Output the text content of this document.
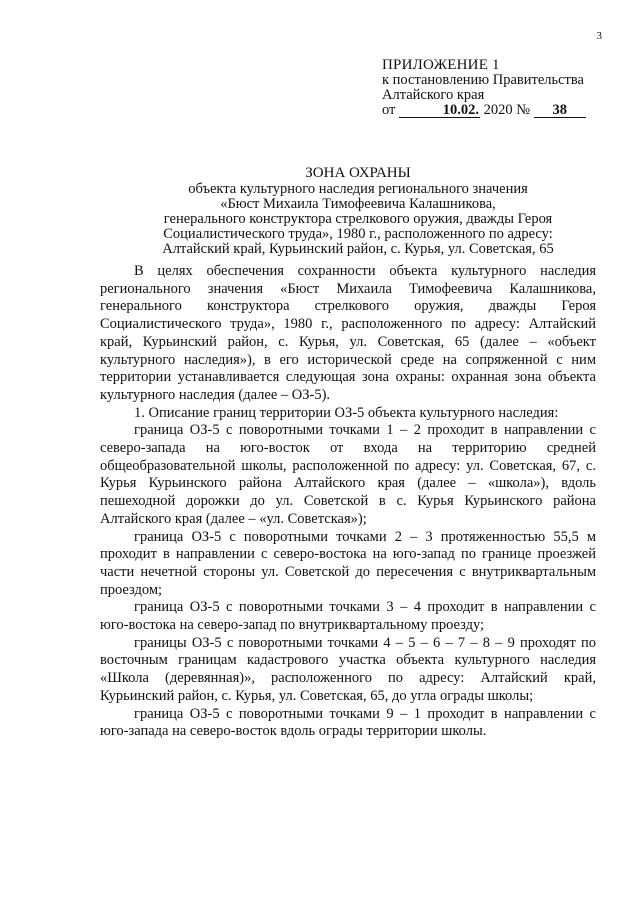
3
ПРИЛОЖЕНИЕ 1
к постановлению Правительства
Алтайского края
от	10.02. 2020 № 38
ЗОНА ОХРАНЫ
объекта культурного наследия регионального значения
«Бюст Михаила Тимофеевича Калашникова,
генерального конструктора стрелкового оружия, дважды Героя
Социалистического труда», 1980 г., расположенного по адресу:
Алтайский край, Курьинский район, с. Курья, ул. Советская, 65

В целях обеспечения сохранности объекта культурного наследия регионального значения «Бюст Михаила Тимофеевича Калашникова, генерального конструктора стрелкового оружия, дважды Героя Социалистического труда», 1980 г., расположенного по адресу: Алтайский край, Курьинский район, с. Курья, ул. Советская, 65 (далее – «объект культурного наследия»), в его исторической среде на сопряженной с ним территории устанавливается следующая зона охраны: охранная зона объекта культурного наследия (далее – ОЗ-5).

1. Описание границ территории ОЗ-5 объекта культурного наследия:

граница ОЗ-5 с поворотными точками 1 – 2 проходит в направлении с северо-запада на юго-восток от входа на территорию средней общеобразовательной школы, расположенной по адресу: ул. Советская, 67, с. Курья Курьинского района Алтайского края (далее – «школа»), вдоль пешеходной дорожки до ул. Советской в с. Курья Курьинского района Алтайского края (далее – «ул. Советская»);

граница ОЗ-5 с поворотными точками 2 – 3 протяженностью 55,5 м проходит в направлении с северо-востока на юго-запад по границе проезжей части нечетной стороны ул. Советской до пересечения с внутриквартальным проездом;

граница ОЗ-5 с поворотными точками 3 – 4 проходит в направлении с юго-востока на северо-запад по внутриквартальному проезду;

границы ОЗ-5 с поворотными точками 4 – 5 – 6 – 7 – 8 – 9 проходят по восточным границам кадастрового участка объекта культурного наследия «Школа (деревянная)», расположенного по адресу: Алтайский край, Курьинский район, с. Курья, ул. Советская, 65, до угла ограды школы;

граница ОЗ-5 с поворотными точками 9 – 1 проходит в направлении с юго-запада на северо-восток вдоль ограды территории школы.
